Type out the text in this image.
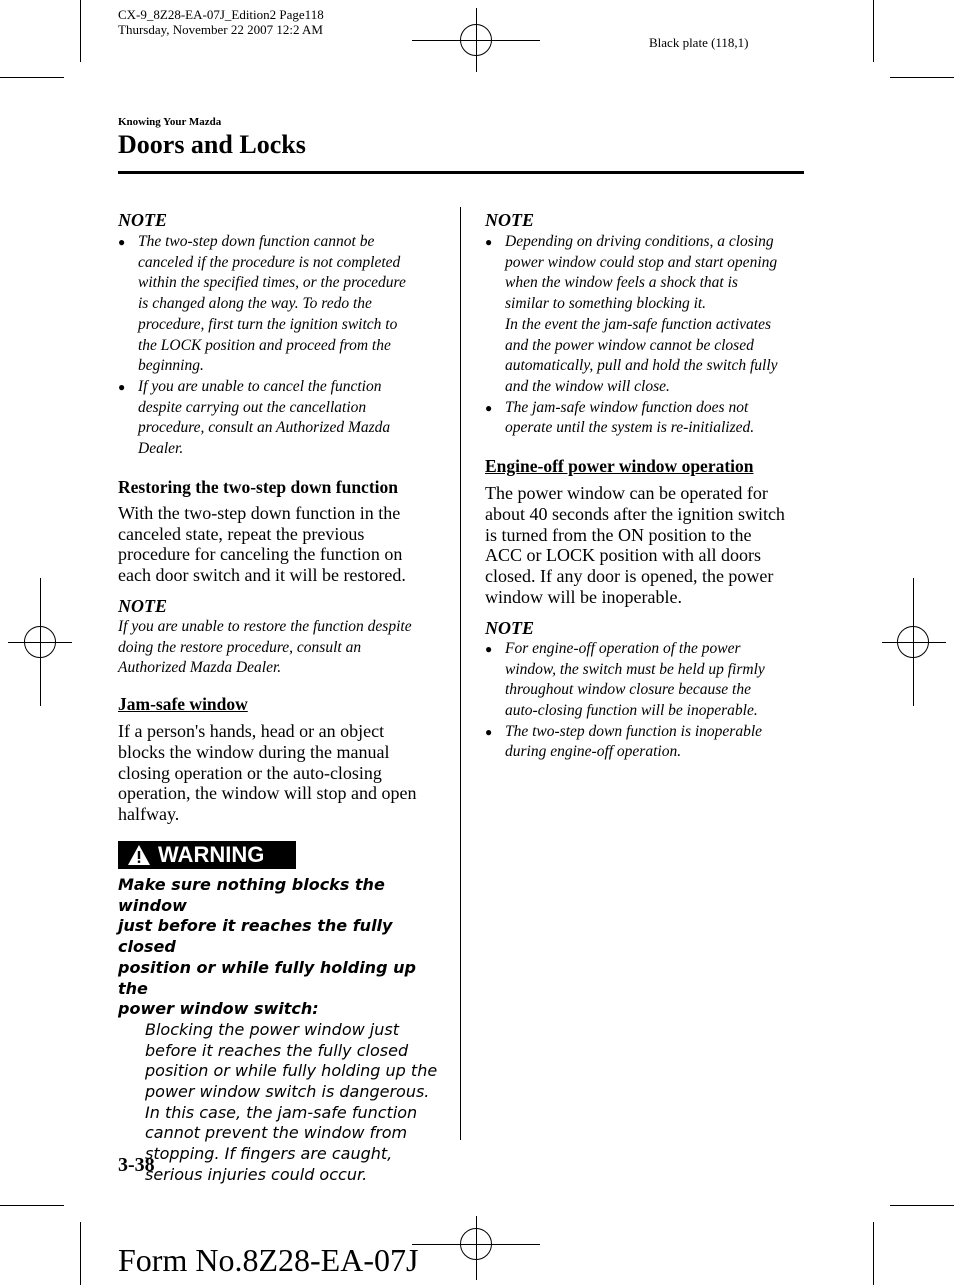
CX-9_8Z28-EA-07J_Edition2 Page118
Thursday, November 22 2007 12:2 AM
Black plate (118,1)
Knowing Your Mazda
Doors and Locks
NOTE
● The two-step down function cannot be
canceled if the procedure is not completed
within the specified times, or the procedure
is changed along the way. To redo the
procedure, first turn the ignition switch to
the LOCK position and proceed from the
beginning.
● If you are unable to cancel the function
despite carrying out the cancellation
procedure, consult an Authorized Mazda
Dealer.
Restoring the two-step down function
With the two-step down function in the
canceled state, repeat the previous
procedure for canceling the function on
each door switch and it will be restored.
NOTE
If you are unable to restore the function despite
doing the restore procedure, consult an
Authorized Mazda Dealer.
Jam-safe window
If a person's hands, head or an object
blocks the window during the manual
closing operation or the auto-closing
operation, the window will stop and open
halfway.
WARNING
Make sure nothing blocks the window
just before it reaches the fully closed
position or while fully holding up the
power window switch:
Blocking the power window just
before it reaches the fully closed
position or while fully holding up the
power window switch is dangerous.
In this case, the jam-safe function
cannot prevent the window from
stopping. If fingers are caught,
serious injuries could occur.
NOTE
● Depending on driving conditions, a closing
power window could stop and start opening
when the window feels a shock that is
similar to something blocking it.
In the event the jam-safe function activates
and the power window cannot be closed
automatically, pull and hold the switch fully
and the window will close.
● The jam-safe window function does not
operate until the system is re-initialized.
Engine-off power window operation
The power window can be operated for
about 40 seconds after the ignition switch
is turned from the ON position to the
ACC or LOCK position with all doors
closed. If any door is opened, the power
window will be inoperable.
NOTE
● For engine-off operation of the power
window, the switch must be held up firmly
throughout window closure because the
auto-closing function will be inoperable.
● The two-step down function is inoperable
during engine-off operation.
3-38
Form No.8Z28-EA-07J
